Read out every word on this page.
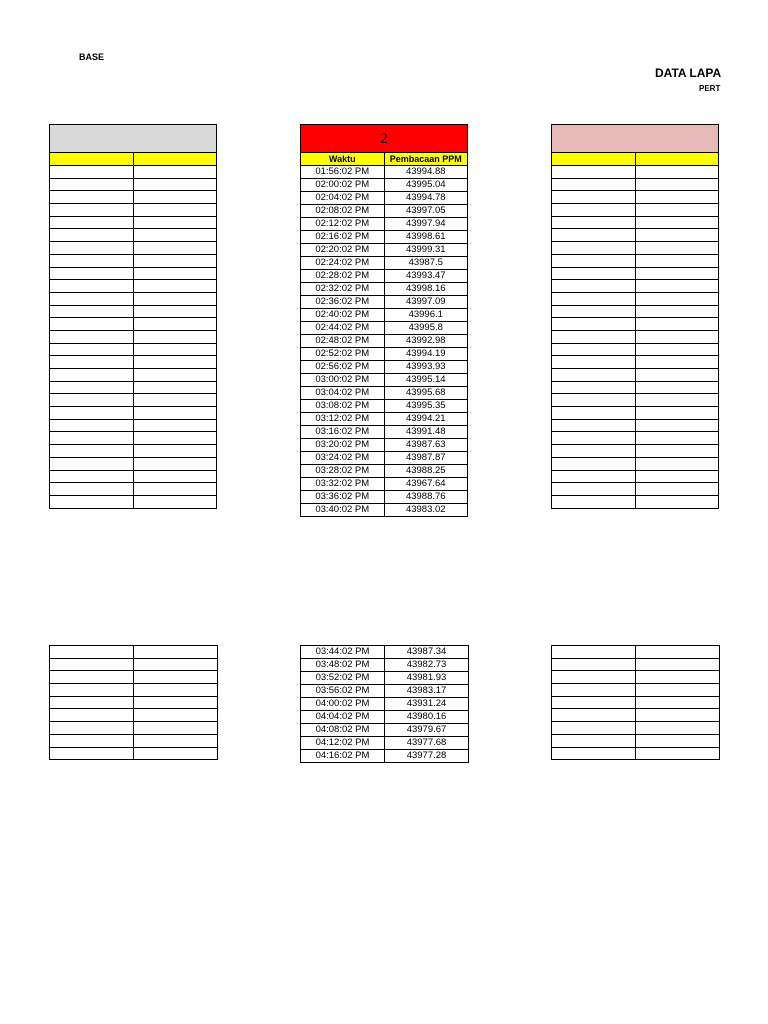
BASE
DATA LAPA
PERT

2	
Waktu	Pembacaan PPM
01:56:02 PM	43994.88
02:00:02 PM	43995.04
02:04:02 PM	43994.78
02:08:02 PM	43997.05
02:12:02 PM	43997.94
02:16:02 PM	43998.61
02:20:02 PM	43999.31
02:24:02 PM	43987.5
02:28:02 PM	43993.47
02:32:02 PM	43998.16
02:36:02 PM	43997.09
02:40:02 PM	43996.1
02:44:02 PM	43995.8
02:48:02 PM	43992.98
02:52:02 PM	43994.19
02:56:02 PM	43993.93
03:00:02 PM	43995.14
03:04:02 PM	43995.68
03:08:02 PM	43995.35
03:12:02 PM	43994.21
03:16:02 PM	43991.48
03:20:02 PM	43987.63
03:24:02 PM	43987.87
03:28:02 PM	43988.25
03:32:02 PM	43967.64
03:36:02 PM	43988.76
03:40:02 PM	43983.02

03:44:02 PM	43987.34
03:48:02 PM	43982.73
03:52:02 PM	43981.93
03:56:02 PM	43983.17
04:00:02 PM	43931.24
04:04:02 PM	43980.16
04:08:02 PM	43979.67
04:12:02 PM	43977.68
04:16:02 PM	43977.28
